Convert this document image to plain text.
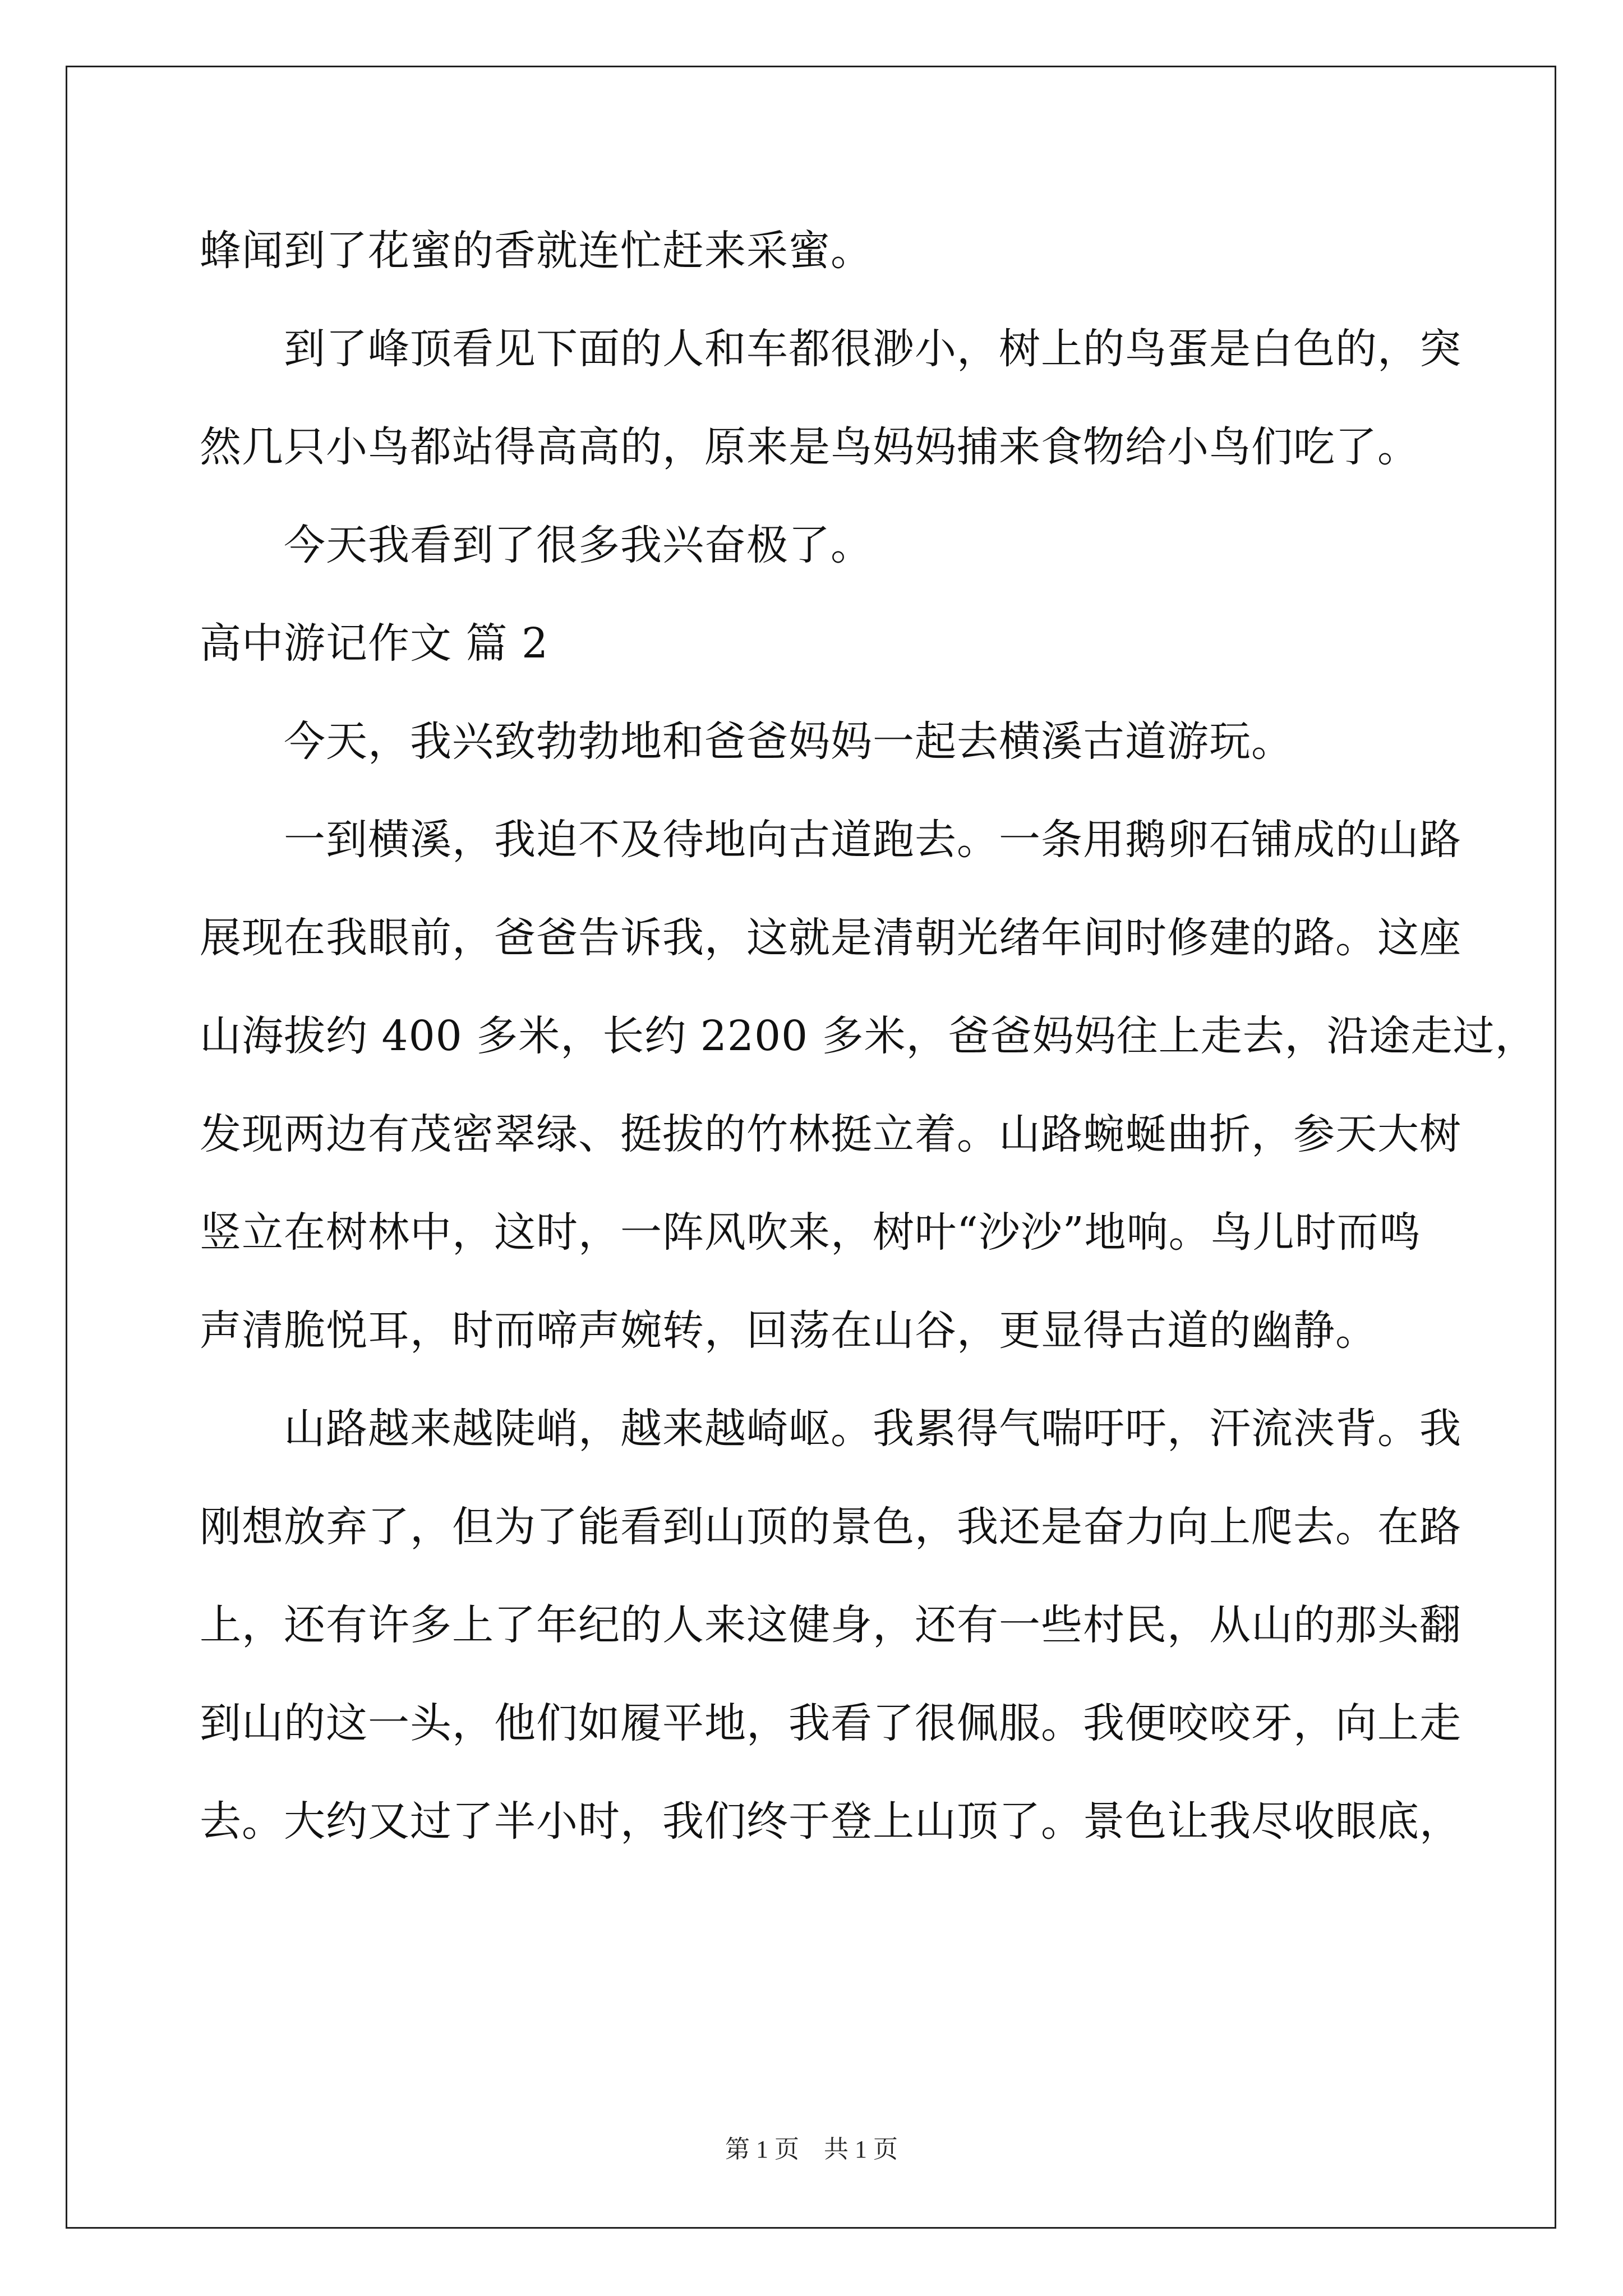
蜂闻到了花蜜的香就连忙赶来采蜜。
到了峰顶看见下面的人和车都很渺小，树上的鸟蛋是白色的，突
然几只小鸟都站得高高的，原来是鸟妈妈捕来食物给小鸟们吃了。
今天我看到了很多我兴奋极了。
高中游记作文 篇 2
今天，我兴致勃勃地和爸爸妈妈一起去横溪古道游玩。
一到横溪，我迫不及待地向古道跑去。一条用鹅卵石铺成的山路
展现在我眼前，爸爸告诉我，这就是清朝光绪年间时修建的路。这座
山海拔约 400 多米，长约 2200 多米，爸爸妈妈往上走去，沿途走过，
发现两边有茂密翠绿、挺拔的竹林挺立着。山路蜿蜒曲折，参天大树
竖立在树林中，这时，一阵风吹来，树叶“沙沙”地响。鸟儿时而鸣
声清脆悦耳，时而啼声婉转，回荡在山谷，更显得古道的幽静。
山路越来越陡峭，越来越崎岖。我累得气喘吁吁，汗流浃背。我
刚想放弃了，但为了能看到山顶的景色，我还是奋力向上爬去。在路
上，还有许多上了年纪的人来这健身，还有一些村民，从山的那头翻
到山的这一头，他们如履平地，我看了很佩服。我便咬咬牙，向上走
去。大约又过了半小时，我们终于登上山顶了。景色让我尽收眼底，
第 1 页　共 1 页
